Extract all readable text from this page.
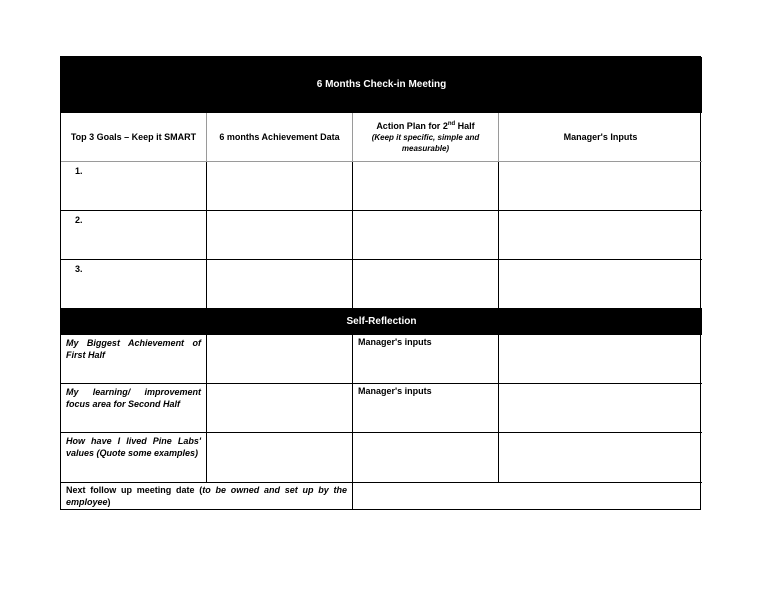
6 Months Check-in Meeting
Top 3 Goals – Keep it SMART	6 months Achievement Data
Action Plan for 2nd Half
(Keep it specific, simple and measurable)
Manager's Inputs
1.
2.
3.
Self-Reflection
My Biggest Achievement of First Half
Manager's inputs
My learning/ improvement focus area for Second Half
Manager's inputs
How have I lived Pine Labs' values (Quote some examples)
Next follow up meeting date (to be owned and set up by the employee)
